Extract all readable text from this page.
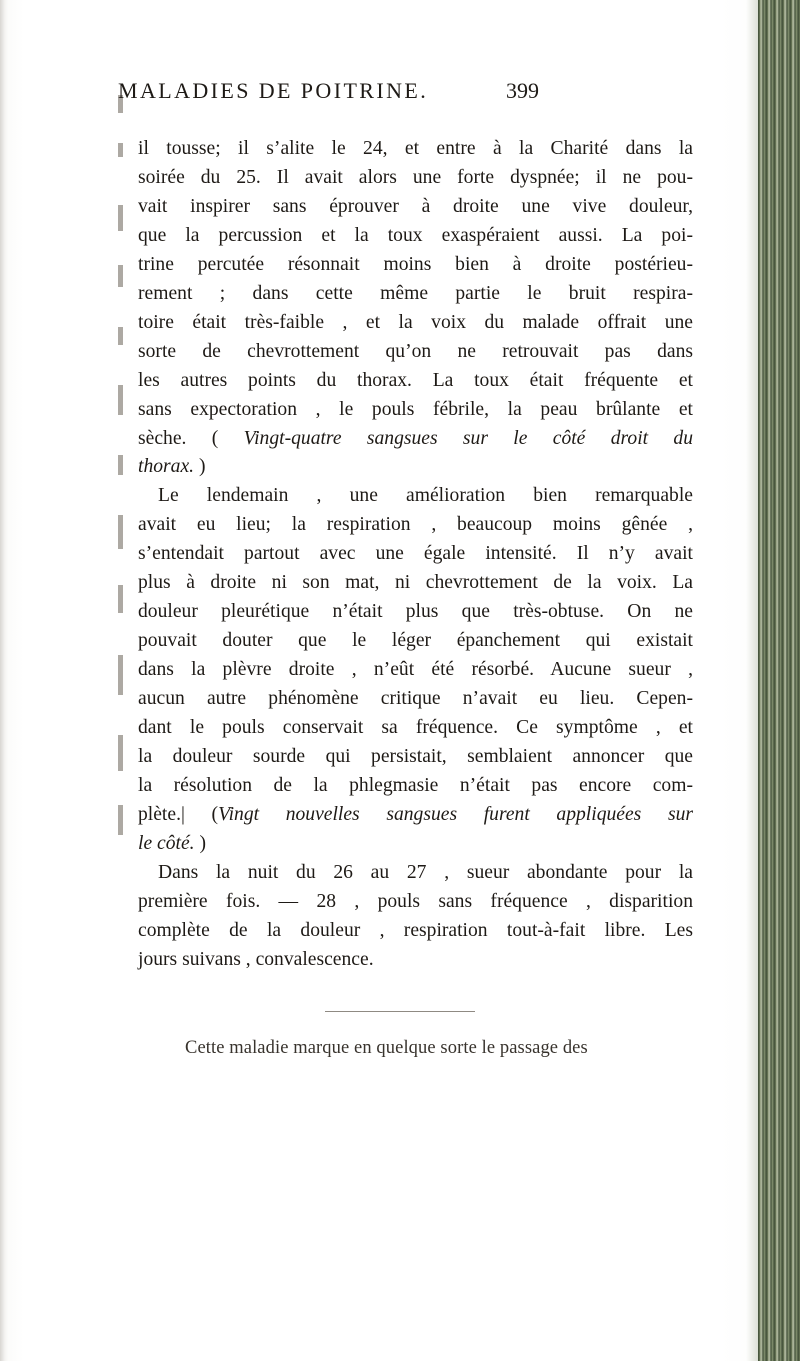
MALADIES DE POITRINE.	399
il tousse; il s’alite le 24, et entre à la Charité dans la
soirée du 25. Il avait alors une forte dyspnée; il ne pou-
vait inspirer sans éprouver à droite une vive douleur,
que la percussion et la toux exaspéraient aussi. La poi-
trine percutée résonnait moins bien à droite postérieu-
rement ; dans cette même partie le bruit respira-
toire était très-faible , et la voix du malade offrait une
sorte de chevrottement qu’on ne retrouvait pas dans
les autres points du thorax. La toux était fréquente et
sans expectoration , le pouls fébrile, la peau brûlante et
sèche. ( Vingt-quatre sangsues sur le côté droit du
thorax. )
Le lendemain , une amélioration bien remarquable
avait eu lieu; la respiration , beaucoup moins gênée ,
s’entendait partout avec une égale intensité. Il n’y avait
plus à droite ni son mat, ni chevrottement de la voix. La
douleur pleurétique n’était plus que très-obtuse. On ne
pouvait douter que le léger épanchement qui existait
dans la plèvre droite , n’eût été résorbé. Aucune sueur ,
aucun autre phénomène critique n’avait eu lieu. Cepen-
dant le pouls conservait sa fréquence. Ce symptôme , et
la douleur sourde qui persistait, semblaient annoncer que
la résolution de la phlegmasie n’était pas encore com-
plète.| (Vingt nouvelles sangsues furent appliquées sur
le côté. )
Dans la nuit du 26 au 27 , sueur abondante pour la
première fois. — 28 , pouls sans fréquence , disparition
complète de la douleur , respiration tout-à-fait libre. Les
jours suivans , convalescence.
Cette maladie marque en quelque sorte le passage des
